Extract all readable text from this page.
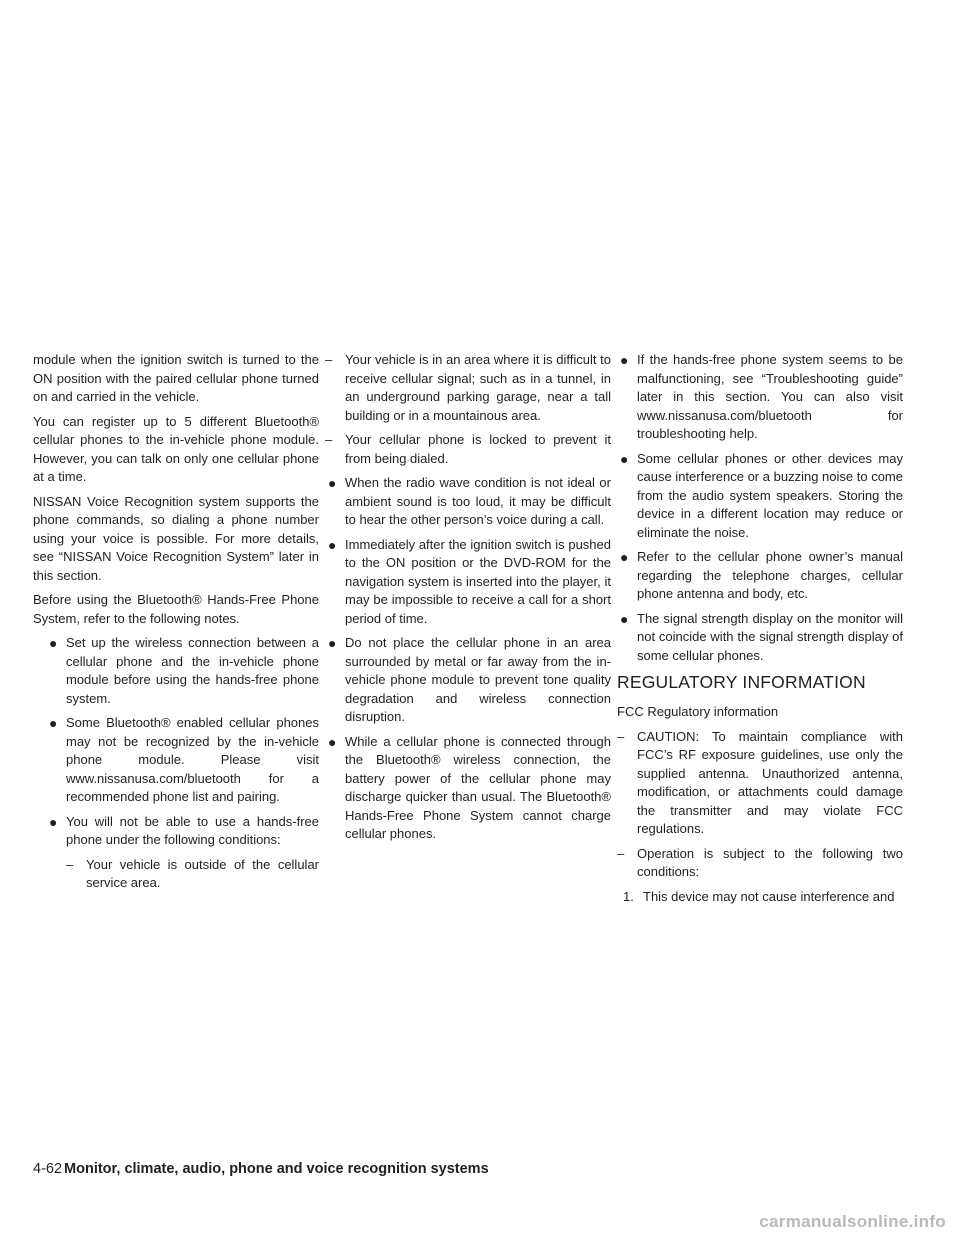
module when the ignition switch is turned to the ON position with the paired cellular phone turned on and carried in the vehicle.

You can register up to 5 different Bluetooth® cellular phones to the in-vehicle phone module. However, you can talk on only one cellular phone at a time.

NISSAN Voice Recognition system supports the phone commands, so dialing a phone number using your voice is possible. For more details, see “NISSAN Voice Recognition System” later in this section.

Before using the Bluetooth® Hands-Free Phone System, refer to the following notes.

● Set up the wireless connection between a cellular phone and the in-vehicle phone module before using the hands-free phone system.
● Some Bluetooth® enabled cellular phones may not be recognized by the in-vehicle phone module. Please visit www.nissanusa.com/bluetooth for a recommended phone list and pairing.
● You will not be able to use a hands-free phone under the following conditions:
– Your vehicle is outside of the cellular service area.
– Your vehicle is in an area where it is difficult to receive cellular signal; such as in a tunnel, in an underground parking garage, near a tall building or in a mountainous area.
– Your cellular phone is locked to prevent it from being dialed.
● When the radio wave condition is not ideal or ambient sound is too loud, it may be difficult to hear the other person’s voice during a call.
● Immediately after the ignition switch is pushed to the ON position or the DVD-ROM for the navigation system is inserted into the player, it may be impossible to receive a call for a short period of time.
● Do not place the cellular phone in an area surrounded by metal or far away from the in-vehicle phone module to prevent tone quality degradation and wireless connection disruption.
● While a cellular phone is connected through the Bluetooth® wireless connection, the battery power of the cellular phone may discharge quicker than usual. The Bluetooth® Hands-Free Phone System cannot charge cellular phones.
● If the hands-free phone system seems to be malfunctioning, see “Troubleshooting guide” later in this section. You can also visit www.nissanusa.com/bluetooth for troubleshooting help.
● Some cellular phones or other devices may cause interference or a buzzing noise to come from the audio system speakers. Storing the device in a different location may reduce or eliminate the noise.
● Refer to the cellular phone owner’s manual regarding the telephone charges, cellular phone antenna and body, etc.
● The signal strength display on the monitor will not coincide with the signal strength display of some cellular phones.
REGULATORY INFORMATION

FCC Regulatory information

– CAUTION: To maintain compliance with FCC’s RF exposure guidelines, use only the supplied antenna. Unauthorized antenna, modification, or attachments could damage the transmitter and may violate FCC regulations.
– Operation is subject to the following two conditions:
1. This device may not cause interference and
4-62 Monitor, climate, audio, phone and voice recognition systems
carmanualsonline.info
